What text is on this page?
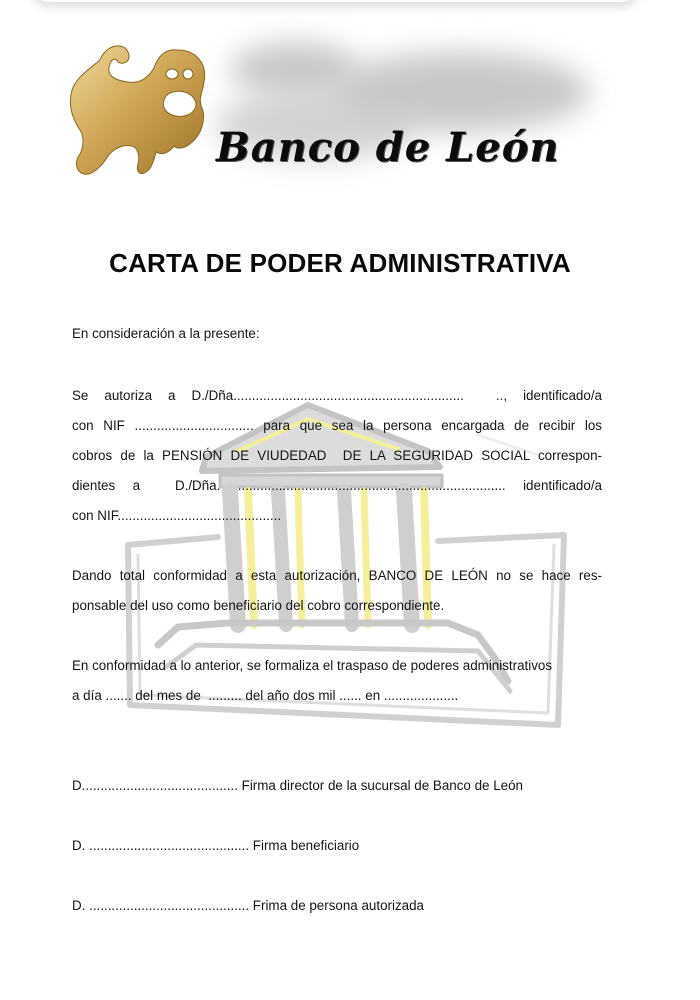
Banco de León
CARTA DE PODER ADMINISTRATIVA
En consideración a la presente:
Se autoriza a D./Dña..............................................................  .., identificado/a
con NIF ................................ para que sea la persona encargada de recibir los
cobros de la PENSIÓN DE VIUDEDAD  DE LA SEGURIDAD SOCIAL correspon-
dientes a  D./Dña. ........................................................................ identificado/a
con NIF............................................
Dando total conformidad a esta autorización, BANCO DE LEÓN no se hace res-
ponsable del uso como beneficiario del cobro correspondiente.
En conformidad a lo anterior, se formaliza el traspaso de poderes administrativos
a día ....... del mes de  ......... del año dos mil ...... en ....................
D.......................................... Firma director de la sucursal de Banco de León
D. ........................................... Firma beneficiario
D. ........................................... Frima de persona autorizada
